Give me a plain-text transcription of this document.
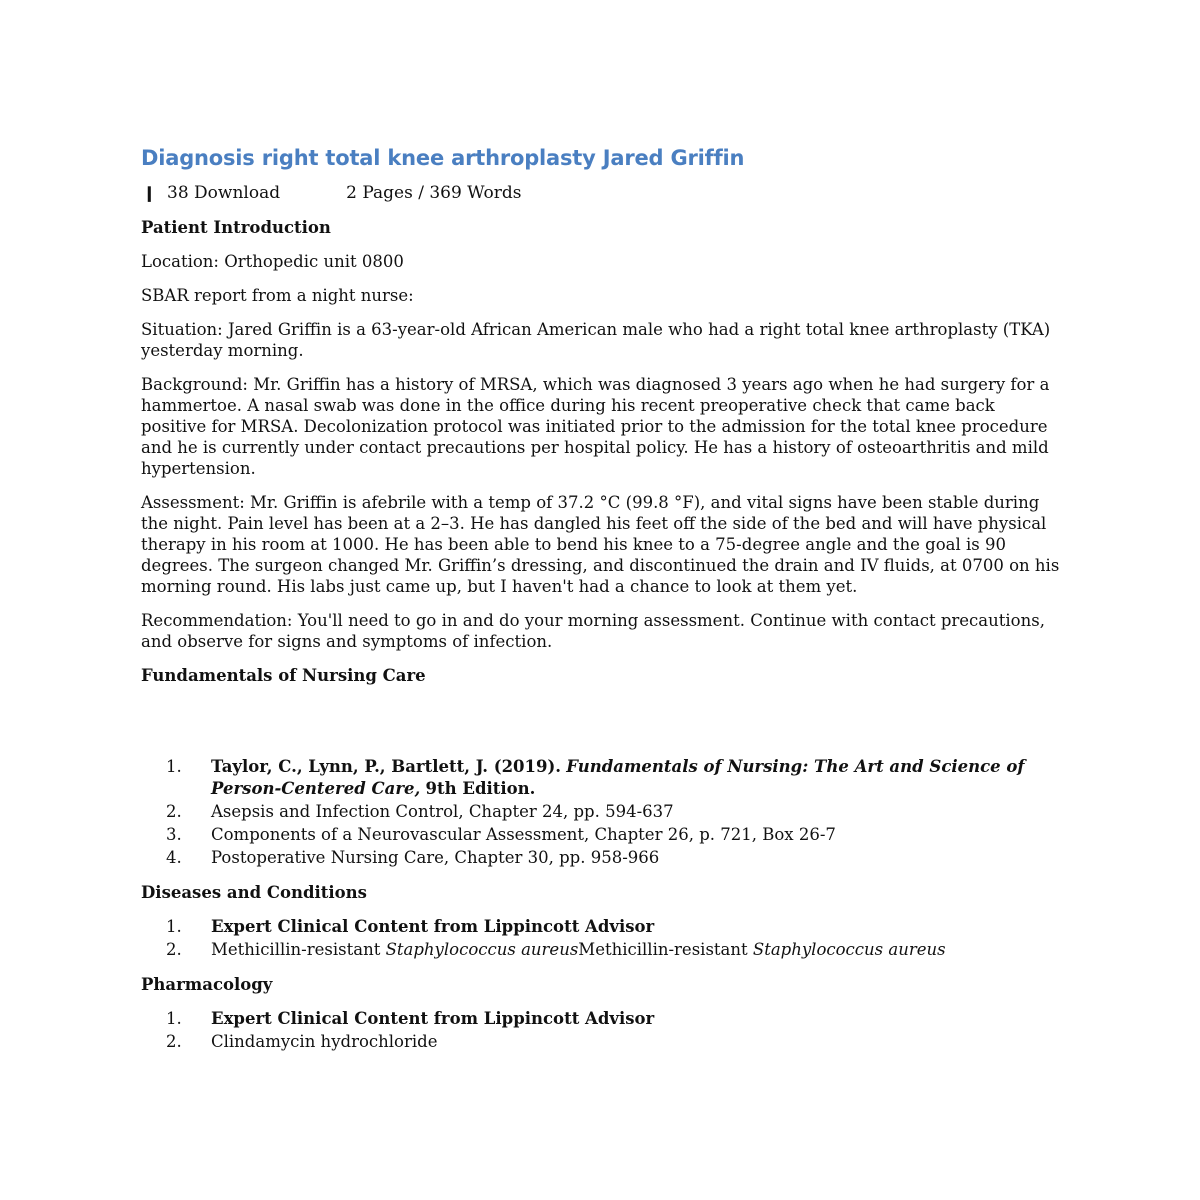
Diagnosis right total knee arthroplasty Jared Griffin
❙︎ 38 Download	2 Pages / 369 Words

Patient Introduction

Location: Orthopedic unit 0800

SBAR report from a night nurse:

Situation: Jared Griffin is a 63-year-old African American male who had a right total knee arthroplasty (TKA) yesterday morning.

Background: Mr. Griffin has a history of MRSA, which was diagnosed 3 years ago when he had surgery for a hammertoe. A nasal swab was done in the office during his recent preoperative check that came back positive for MRSA. Decolonization protocol was initiated prior to the admission for the total knee procedure and he is currently under contact precautions per hospital policy. He has a history of osteoarthritis and mild hypertension.

Assessment: Mr. Griffin is afebrile with a temp of 37.2 °C (99.8 °F), and vital signs have been stable during the night. Pain level has been at a 2–3. He has dangled his feet off the side of the bed and will have physical therapy in his room at 1000. He has been able to bend his knee to a 75-degree angle and the goal is 90 degrees. The surgeon changed Mr. Griffin’s dressing, and discontinued the drain and IV fluids, at 0700 on his morning round. His labs just came up, but I haven't had a chance to look at them yet.

Recommendation: You'll need to go in and do your morning assessment. Continue with contact precautions, and observe for signs and symptoms of infection.

Fundamentals of Nursing Care

1.	Taylor, C., Lynn, P., Bartlett, J. (2019). Fundamentals of Nursing: The Art and Science of Person-Centered Care, 9th Edition.
2.	Asepsis and Infection Control, Chapter 24, pp. 594-637
3.	Components of a Neurovascular Assessment, Chapter 26, p. 721, Box 26-7
4.	Postoperative Nursing Care, Chapter 30, pp. 958-966

Diseases and Conditions

1.	Expert Clinical Content from Lippincott Advisor
2.	Methicillin-resistant Staphylococcus aureusMethicillin-resistant Staphylococcus aureus

Pharmacology

1.	Expert Clinical Content from Lippincott Advisor
2.	Clindamycin hydrochloride
